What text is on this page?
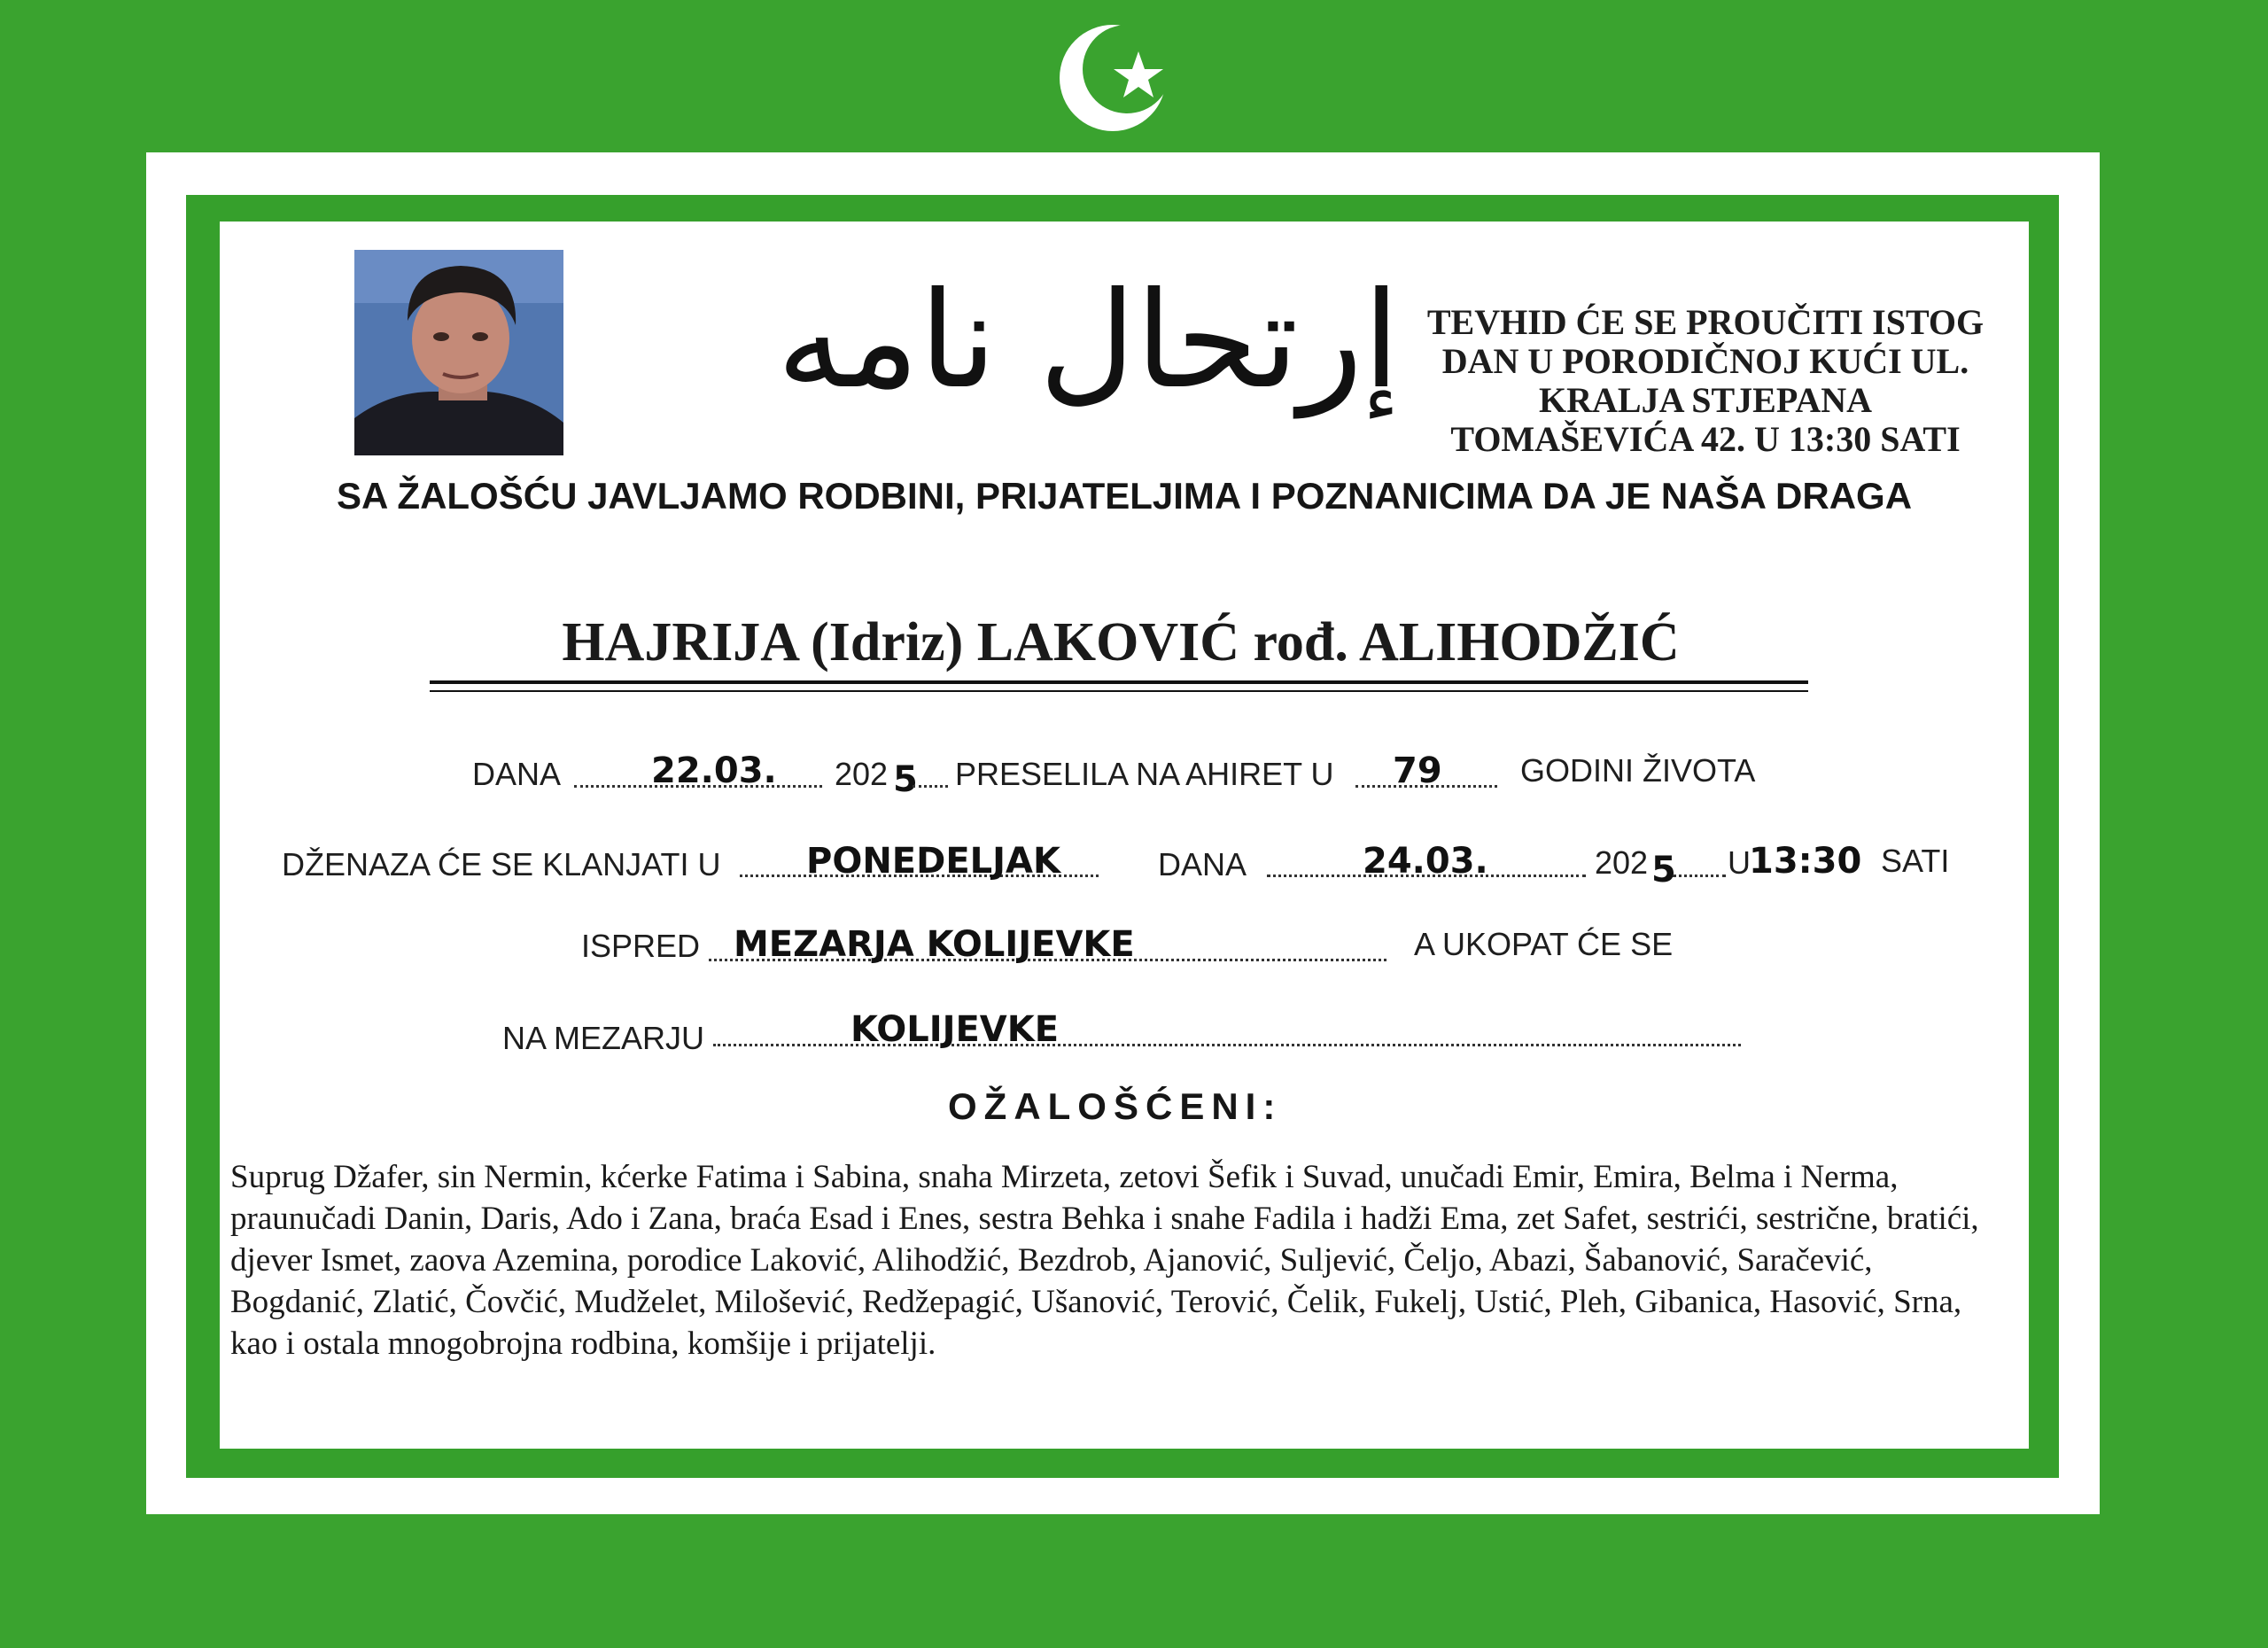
إرتحال نامه TEVHID ĆE SE PROUČITI ISTOG
DAN U PORODIČNOJ KUĆI UL.
KRALJA STJEPANA
TOMAŠEVIĆA 42. U 13:30 SATI
SA ŽALOŠĆU JAVLJAMO RODBINI, PRIJATELJIMA I POZNANICIMA DA JE NAŠA DRAGA
HAJRIJA (Idriz) LAKOVIĆ rođ. ALIHODŽIĆ
DANA	22.03. 202 5 PRESELILA NA AHIRET U 79 GODINI ŽIVOTA
DŽENAZA ĆE SE KLANJATI U PONEDELJAK	DANA	24.03.	202 5 U
13:30 SATI
ISPRED MEZARJA KOLIJEVKE	A UKOPAT ĆE SE
NA MEZARJU	KOLIJEVKE
OŽALOŠĆENI:
Suprug Džafer, sin Nermin, kćerke Fatima i Sabina, snaha Mirzeta, zetovi Šefik i Suvad, unučadi Emir, Emira, Belma i Nerma, praunučadi Danin, Daris, Ado i Zana, braća Esad i Enes, sestra Behka i snahe Fadila i hadži Ema, zet Safet, sestrići, sestrične, bratići, djever Ismet, zaova Azemina, porodice Laković, Alihodžić, Bezdrob, Ajanović, Suljević, Čeljo, Abazi, Šabanović, Saračević, Bogdanić, Zlatić, Čovčić, Mudželet, Milošević, Redžepagić, Ušanović, Terović, Čelik, Fukelj, Ustić, Pleh, Gibanica, Hasović, Srna, kao i ostala mnogobrojna rodbina, komšije i prijatelji.
